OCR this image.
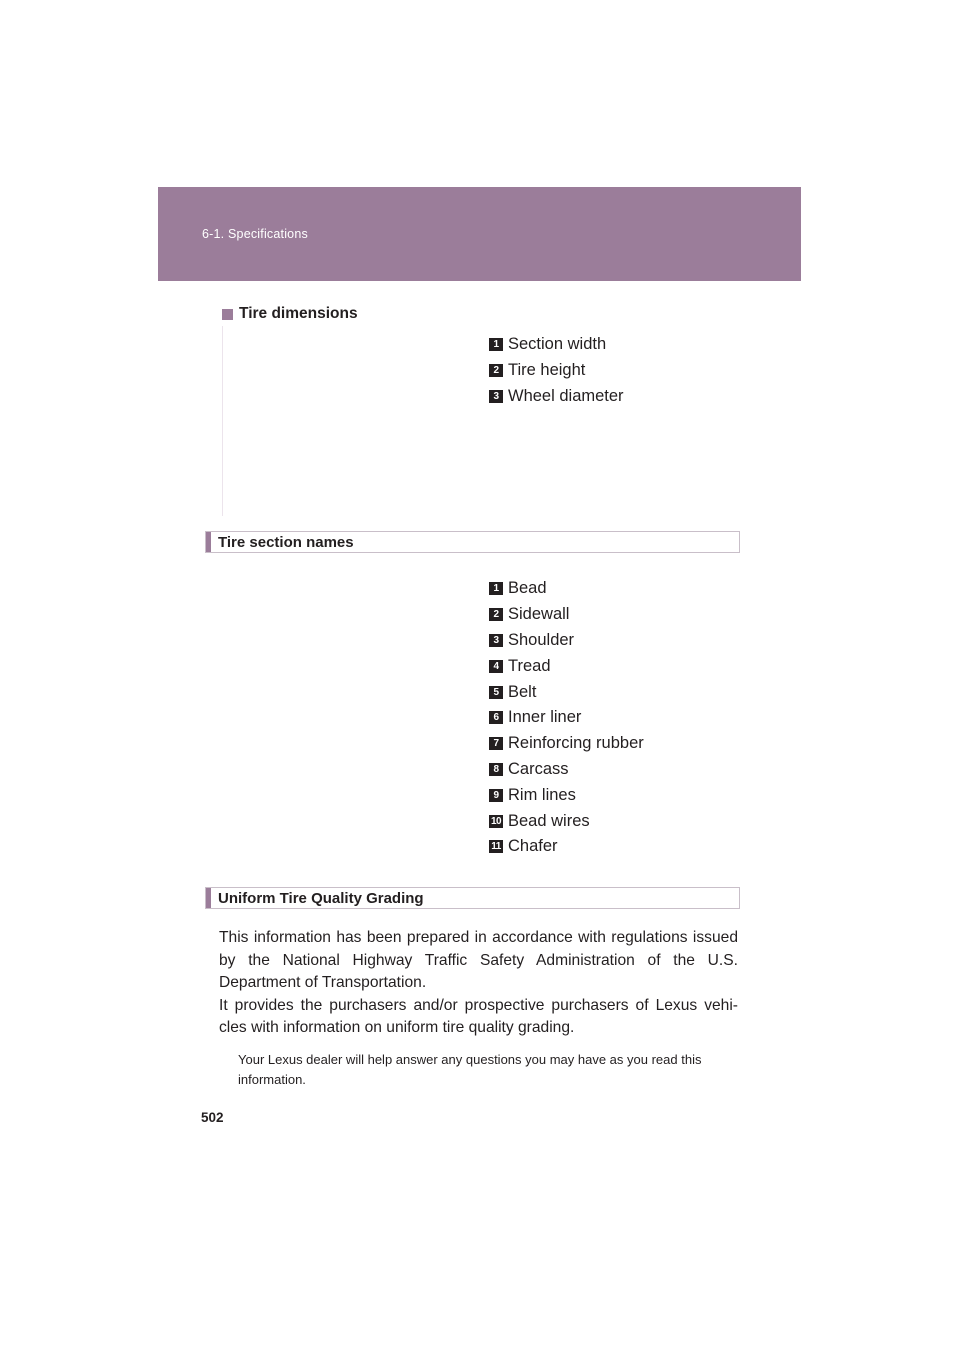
6-1. Specifications
Tire dimensions
1 Section width
2 Tire height
3 Wheel diameter
Tire section names
1 Bead
2 Sidewall
3 Shoulder
4 Tread
5 Belt
6 Inner liner
7 Reinforcing rubber
8 Carcass
9 Rim lines
10 Bead wires
11 Chafer
Uniform Tire Quality Grading

This information has been prepared in accordance with regulations issued by the National Highway Traffic Safety Administration of the U.S. Department of Transportation.

It provides the purchasers and/or prospective purchasers of Lexus vehi-cles with information on uniform tire quality grading.

Your Lexus dealer will help answer any questions you may have as you read this information.
502
